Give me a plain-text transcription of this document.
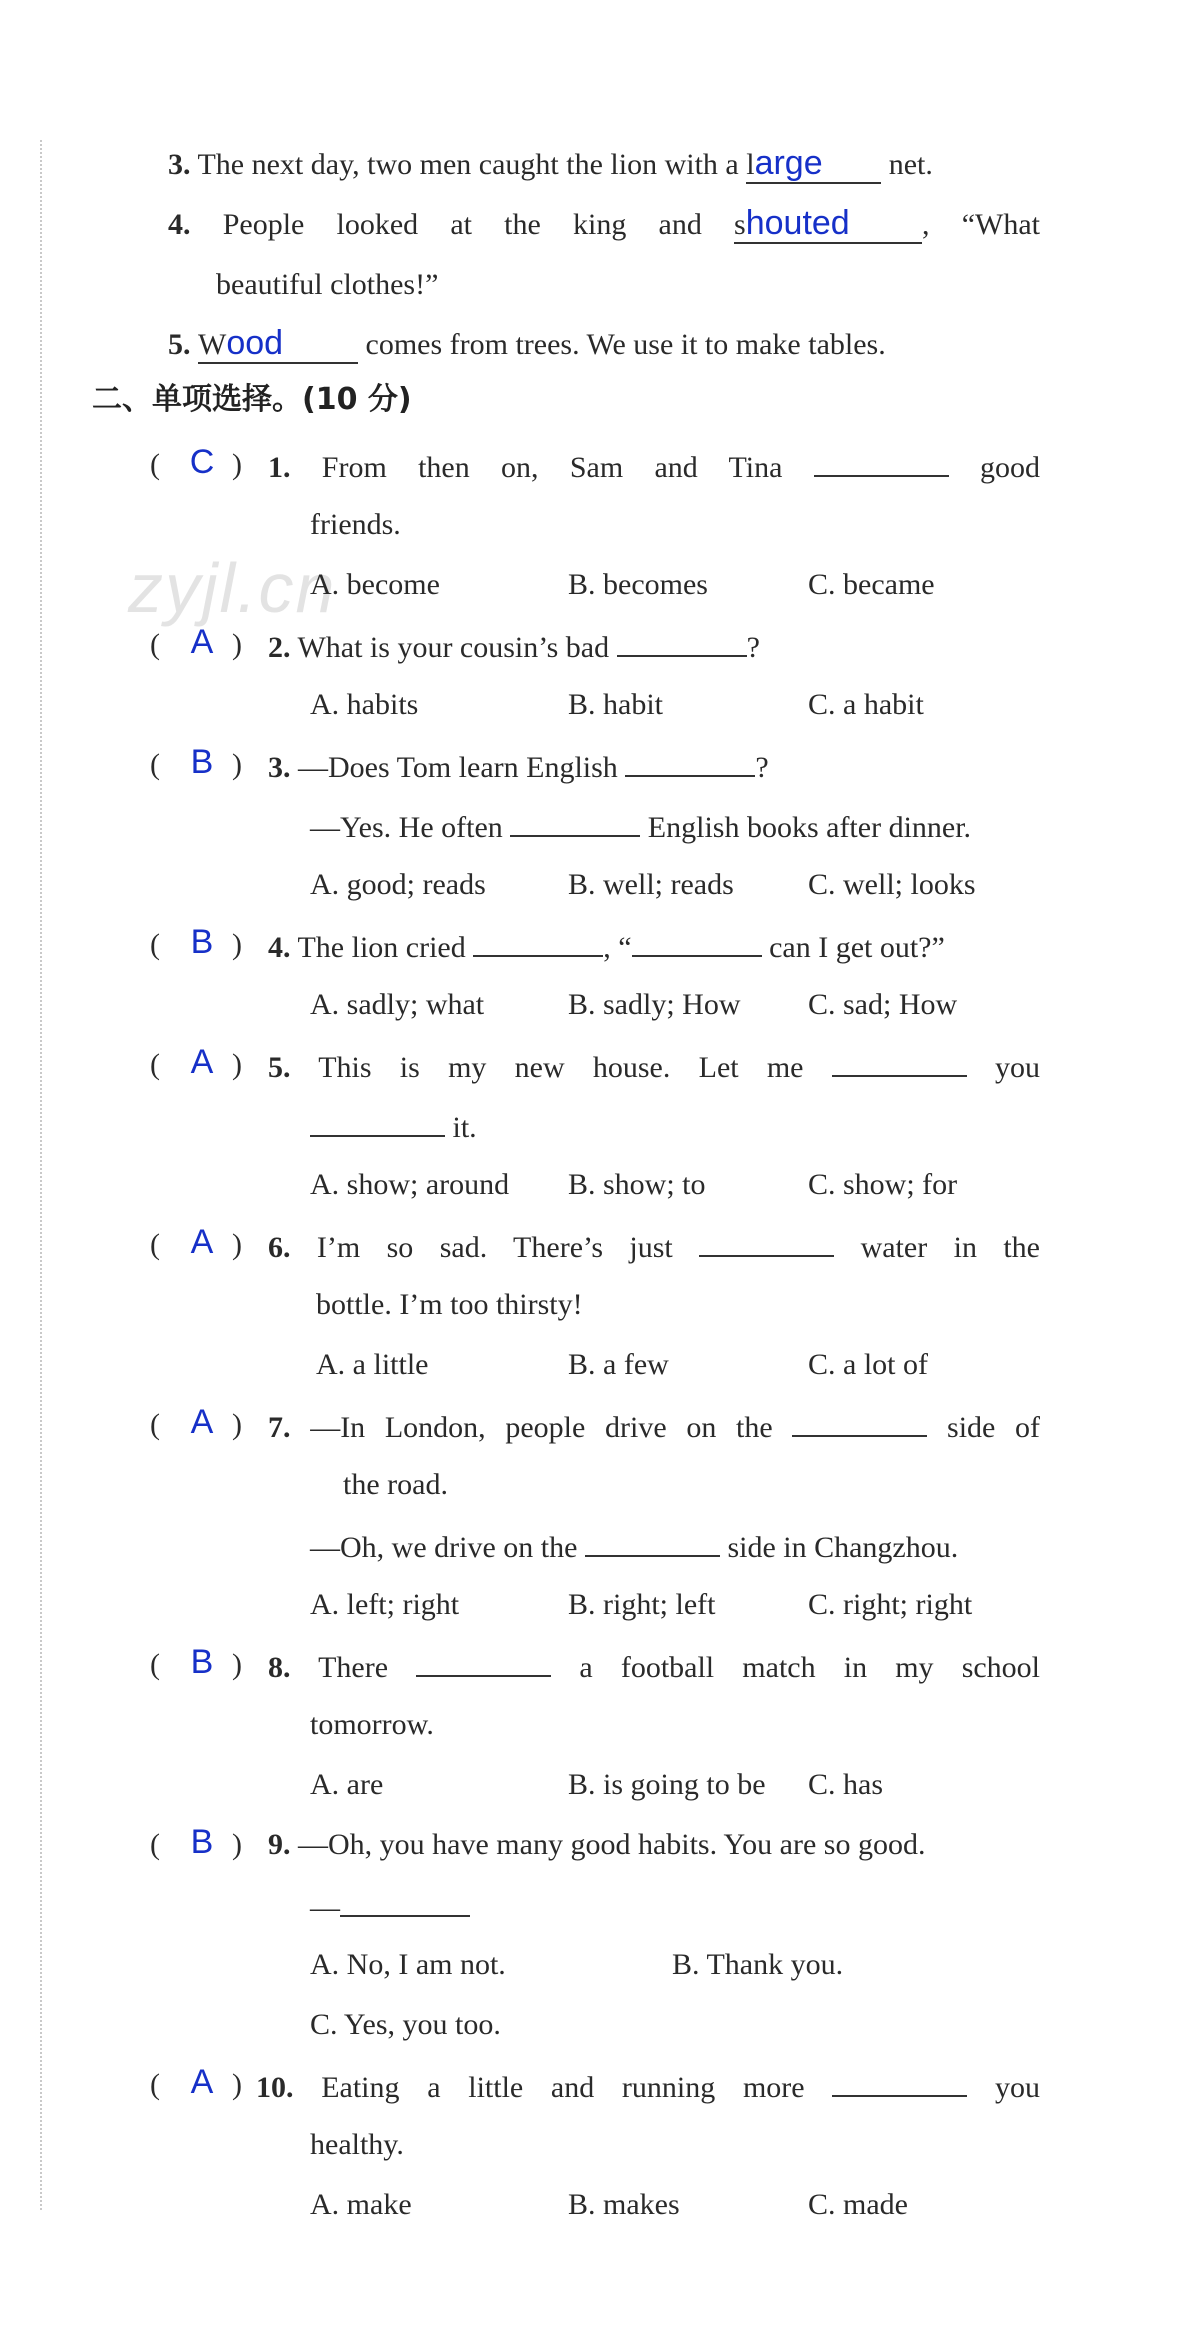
zyjl.cn
3. The next day, two men caught the lion with a large net.
4. People looked at the king and shouted , “What
beautiful clothes!”
5. Wood comes from trees. We use it to make tables.
二、单项选择。(10 分)
( C ) 1. From then on, Sam and Tina	good
friends.
A. become	B. becomes	C. became
( A ) 2. What is your cousin’s bad	?
A. habits	B. habit	C. a habit
( B ) 3. —Does Tom learn English	?
—Yes. He often	English books after dinner.
A. good; reads	B. well; reads C. well; looks
( B ) 4. The lion cried	, “	can I get out?”
A. sadly; what	B. sadly; How C. sad; How
( A ) 5. This is my new house. Let me	you
it.
A. show; around B. show; to	C. show; for
( A ) 6. I’m so sad. There’s just	water in the
bottle. I’m too thirsty!
A. a little	B. a few	C. a lot of
( A ) 7. —In London, people drive on the	side of
the road.
—Oh, we drive on the	side in Changzhou.
A. left; right	B. right; left	C. right; right
( B ) 8. There	a football match in my school
tomorrow.
A. are	B. is going to be C. has
( B ) 9. —Oh, you have many good habits. You are so good.
—
A. No, I am not.	B. Thank you.
C. Yes, you too.
( A ) 10. Eating a little and running more	you
healthy.
A. make	B. makes	C. made
